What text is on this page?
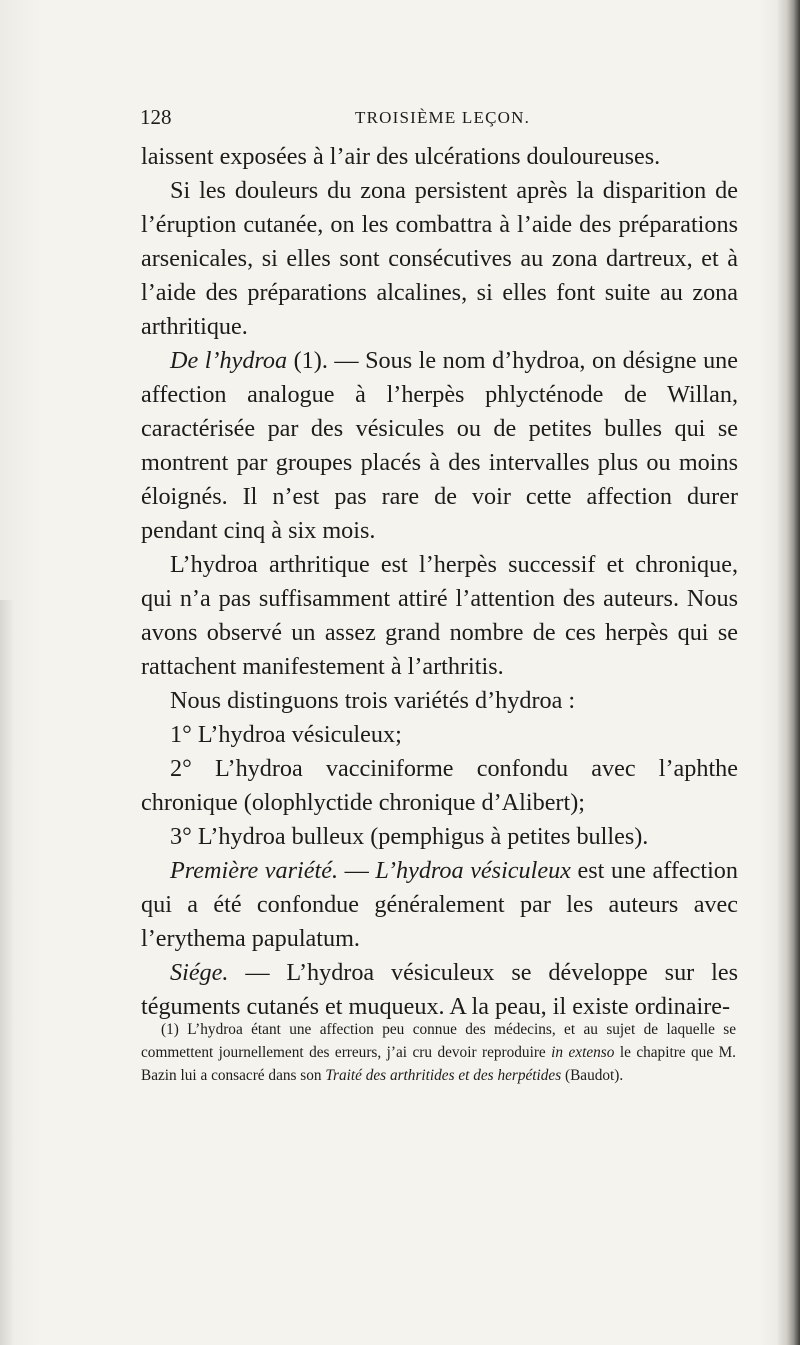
128	TROISIÈME LEÇON.

laissent exposées à l’air des ulcérations douloureuses.

Si les douleurs du zona persistent après la disparition de l’éruption cutanée, on les combattra à l’aide des préparations arsenicales, si elles sont consécutives au zona dartreux, et à l’aide des préparations alcalines, si elles font suite au zona arthritique.

De l’hydroa (1). — Sous le nom d’hydroa, on désigne une affection analogue à l’herpès phlycténode de Willan, caractérisée par des vésicules ou de petites bulles qui se montrent par groupes placés à des intervalles plus ou moins éloignés. Il n’est pas rare de voir cette affection durer pendant cinq à six mois.

L’hydroa arthritique est l’herpès successif et chronique, qui n’a pas suffisamment attiré l’attention des auteurs. Nous avons observé un assez grand nombre de ces herpès qui se rattachent manifestement à l’arthritis.

Nous distinguons trois variétés d’hydroa :

1° L’hydroa vésiculeux;

2° L’hydroa vacciniforme confondu avec l’aphthe chronique (olophlyctide chronique d’Alibert);

3° L’hydroa bulleux (pemphigus à petites bulles).

Première variété. — L’hydroa vésiculeux est une affection qui a été confondue généralement par les auteurs avec l’erythema papulatum.

Siége. — L’hydroa vésiculeux se développe sur les téguments cutanés et muqueux. A la peau, il existe ordinaire-

(1) L’hydroa étant une affection peu connue des médecins, et au sujet de laquelle se commettent journellement des erreurs, j’ai cru devoir reproduire in extenso le chapitre que M. Bazin lui a consacré dans son Traité des arthritides et des herpétides (Baudot).
